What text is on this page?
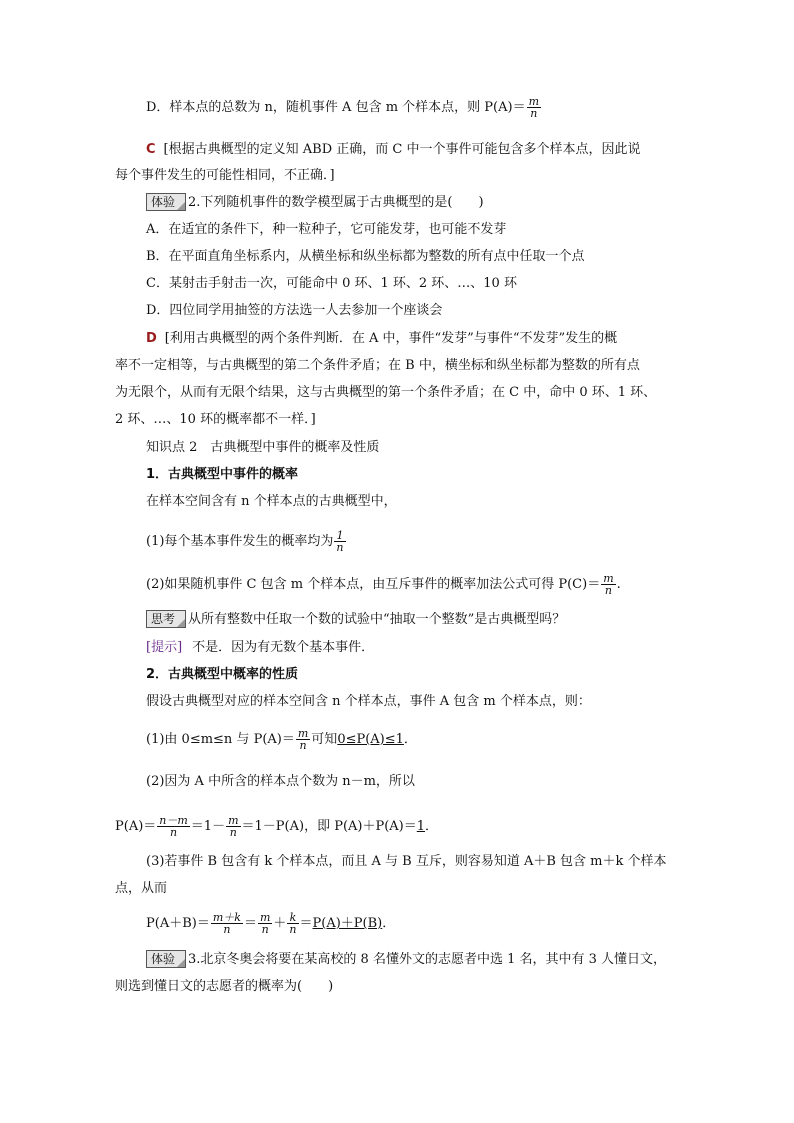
D．样本点的总数为 n，随机事件 A 包含 m 个样本点，则 $P(A)= \frac{m}{n}$
C [根据古典概型的定义知 ABD 正确，而 C 中一个事件可能包含多个样本点，因此说
每个事件发生的可能性相同，不正确．]
体验 2.下列随机事件的数学模型属于古典概型的是(　　)
A．在适宜的条件下，种一粒种子，它可能发芽，也可能不发芽
B．在平面直角坐标系内，从横坐标和纵坐标都为整数的所有点中任取一个点
C．某射击手射击一次，可能命中 0 环、1 环、2 环、…、10 环
D．四位同学用抽签的方法选一人去参加一个座谈会
D [利用古典概型的两个条件判断．在 A 中，事件“发芽”与事件“不发芽”发生的概
率不一定相等，与古典概型的第二个条件矛盾；在 B 中，横坐标和纵坐标都为整数的所有点
为无限个，从而有无限个结果，这与古典概型的第一个条件矛盾；在 C 中，命中 0 环、1 环、
2 环、…、10 环的概率都不一样．]
知识点 2　古典概型中事件的概率及性质
1．古典概型中事件的概率
在样本空间含有 n 个样本点的古典概型中，
(1)每个基本事件发生的概率均为 $\frac{1}{n}$
(2)如果随机事件 C 包含 m 个样本点，由互斥事件的概率加法公式可得 $P(C)= \frac{m}{n}$ .
思考 从所有整数中任取一个数的试验中“抽取一个整数”是古典概型吗？
[提示] 不是．因为有无数个基本事件．
2．古典概型中概率的性质
假设古典概型对应的样本空间含 n 个样本点，事件 A 包含 m 个样本点，则：
(1)由 0≤m≤n 与 $P(A)= \frac{m}{n}$ 可知0≤P(A)≤1．
(2)因为 A 中所含的样本点个数为 n－m，所以
$P(A)= \frac{n-m}{n} =1- \frac{m}{n} =1-P(A)$，即 P(A)＋P(A)＝1．
(3)若事件 B 包含有 k 个样本点，而且 A 与 B 互斥，则容易知道 A＋B 包含 m＋k 个样本
点，从而
$P(A+B)= \frac{m+k}{n} = \frac{m}{n} + \frac{k}{n} =P(A)+P(B)$．
体验 3.北京冬奥会将要在某高校的 8 名懂外文的志愿者中选 1 名，其中有 3 人懂日文，
则选到懂日文的志愿者的概率为(　　)
